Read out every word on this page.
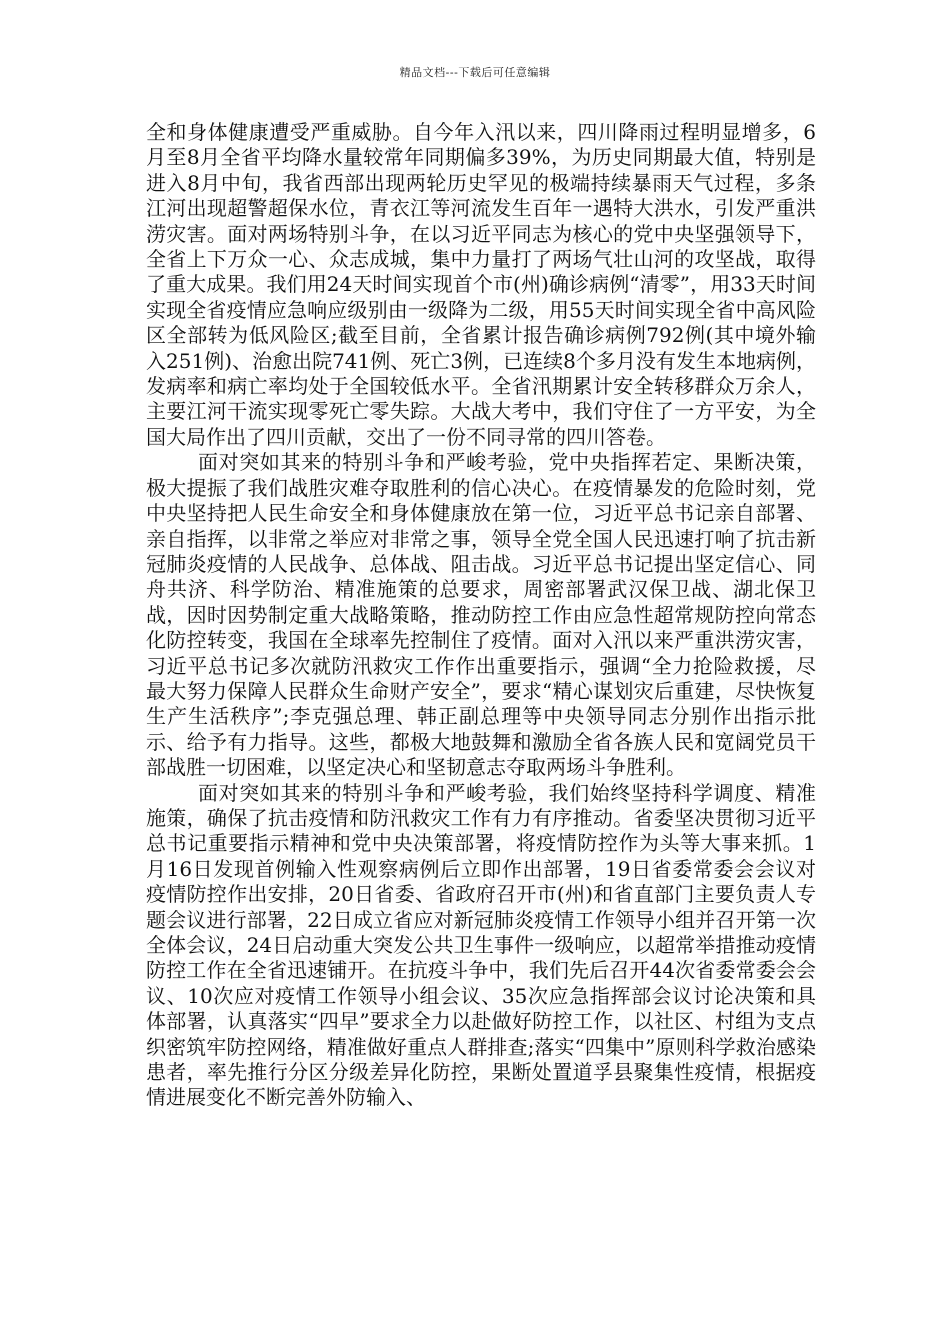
精品文档---下载后可任意编辑

全和身体健康遭受严重威胁。自今年入汛以来，四川降雨过程明显增多，6月至8月全省平均降水量较常年同期偏多39%，为历史同期最大值，特别是进入8月中旬，我省西部出现两轮历史罕见的极端持续暴雨天气过程，多条江河出现超警超保水位，青衣江等河流发生百年一遇特大洪水，引发严重洪涝灾害。面对两场特别斗争，在以习近平同志为核心的党中央坚强领导下，全省上下万众一心、众志成城，集中力量打了两场气壮山河的攻坚战，取得了重大成果。我们用24天时间实现首个市(州)确诊病例“清零”，用33天时间实现全省疫情应急响应级别由一级降为二级，用55天时间实现全省中高风险区全部转为低风险区;截至目前，全省累计报告确诊病例792例(其中境外输入251例)、治愈出院741例、死亡3例，已连续8个多月没有发生本地病例，发病率和病亡率均处于全国较低水平。全省汛期累计安全转移群众万余人，主要江河干流实现零死亡零失踪。大战大考中，我们守住了一方平安，为全国大局作出了四川贡献，交出了一份不同寻常的四川答卷。

面对突如其来的特别斗争和严峻考验，党中央指挥若定、果断决策，极大提振了我们战胜灾难夺取胜利的信心决心。在疫情暴发的危险时刻，党中央坚持把人民生命安全和身体健康放在第一位，习近平总书记亲自部署、亲自指挥，以非常之举应对非常之事，领导全党全国人民迅速打响了抗击新冠肺炎疫情的人民战争、总体战、阻击战。习近平总书记提出坚定信心、同舟共济、科学防治、精准施策的总要求，周密部署武汉保卫战、湖北保卫战，因时因势制定重大战略策略，推动防控工作由应急性超常规防控向常态化防控转变，我国在全球率先控制住了疫情。面对入汛以来严重洪涝灾害，习近平总书记多次就防汛救灾工作作出重要指示，强调“全力抢险救援，尽最大努力保障人民群众生命财产安全”，要求“精心谋划灾后重建，尽快恢复生产生活秩序”;李克强总理、韩正副总理等中央领导同志分别作出指示批示、给予有力指导。这些，都极大地鼓舞和激励全省各族人民和宽阔党员干部战胜一切困难，以坚定决心和坚韧意志夺取两场斗争胜利。

面对突如其来的特别斗争和严峻考验，我们始终坚持科学调度、精准施策，确保了抗击疫情和防汛救灾工作有力有序推动。省委坚决贯彻习近平总书记重要指示精神和党中央决策部署，将疫情防控作为头等大事来抓。1月16日发现首例输入性观察病例后立即作出部署，19日省委常委会会议对疫情防控作出安排，20日省委、省政府召开市(州)和省直部门主要负责人专题会议进行部署，22日成立省应对新冠肺炎疫情工作领导小组并召开第一次全体会议，24日启动重大突发公共卫生事件一级响应，以超常举措推动疫情防控工作在全省迅速铺开。在抗疫斗争中，我们先后召开44次省委常委会会议、10次应对疫情工作领导小组会议、35次应急指挥部会议讨论决策和具体部署，认真落实“四早”要求全力以赴做好防控工作，以社区、村组为支点织密筑牢防控网络，精准做好重点人群排查;落实“四集中”原则科学救治感染患者，率先推行分区分级差异化防控，果断处置道孚县聚集性疫情，根据疫情进展变化不断完善外防输入、
